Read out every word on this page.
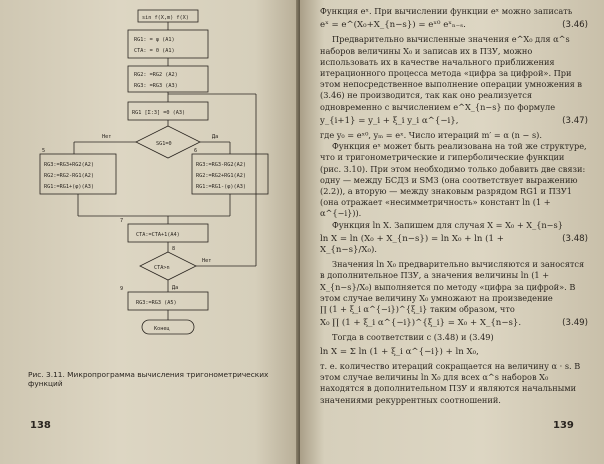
sin f(X,m) f(X)
RG1: = φ (A1)
СТА: = 0 (A1)
RG2: =RG2 (A2)
RG3: =RG3 (A3)
RG1 [Σ:3] =0 (A3)
SG1=0
Нет	Да
5	6
RG3:=RG3+RG2(A2)
RG2:=RG2-RG1(A2)
RG1:=RG1+(φ)(A3)
RG3:=RG3-RG2(A2)
RG2:=RG2+RG1(A2)
RG1:=RG1-(φ)(A3)
7
СТА:=СТА+1(A4)
8
СТА>n
Нет
Да
9
RG3:=RG3 (A5)
Конец
Рис. 3.11. Микропрограмма вычисления тригонометрических функций
138

Функция eˣ. При вычислении функции eˣ можно записать

eˣ = e^(X₀+X_{n−s}) = eˣ⁰ eˣₙ₋ₛ.	(3.46)

Предварительно вычисленные значения e^X₀ для α^s наборов величины X₀ и записав их в ПЗУ, можно использовать их в качестве начального приближения итерационного процесса метода «цифра за цифрой». При этом непосредственное выполнение операции умножения в (3.46) не производится, так как оно реализуется одновременно с вычислением e^X_{n−s} по формуле

y_{i+1} = y_i + ξ_i y_i α^{−i},	(3.47)

где y₀ = eˣ⁰, yₘ = eˣ. Число итераций m′ = α (n − s).

Функция eˣ может быть реализована на той же структуре, что и тригонометрические и гиперболические функции (рис. 3.10). При этом необходимо только добавить две связи: одну — между БСДЗ и SM3 (она соответствует выражению (2.2)), а вторую — между знаковым разрядом RG1 и ПЗУ1 (она отражает «несимметричность» констант ln (1 + α^{−i})).

Функция ln X. Запишем для случая X = X₀ + X_{n−s}

ln X = ln (X₀ + X_{n−s}) = ln X₀ + ln (1 + X_{n−s}/X₀).
(3.48)

Значения ln X₀ предварительно вычисляются и заносятся в дополнительное ПЗУ, а значения величины ln (1 + X_{n−s}/X₀) выполняется по методу «цифра за цифрой». В этом случае величину X₀ умножают на произведение

∏ (1 + ξ_i α^{−i})^{ξ_i} таким образом, что

X₀ ∏ (1 + ξ_i α^{−i})^{ξ_i} = X₀ + X_{n−s}.	(3.49)

Тогда в соответствии с (3.48) и (3.49)

ln X = Σ ln (1 + ξ_i α^{−i}) + ln X₀,

т. е. количество итераций сокращается на величину α · s. В этом случае величины ln X₀ для всех α^s наборов X₀ находятся в дополнительном ПЗУ и являются начальными значениями рекуррентных соотношений.

139
